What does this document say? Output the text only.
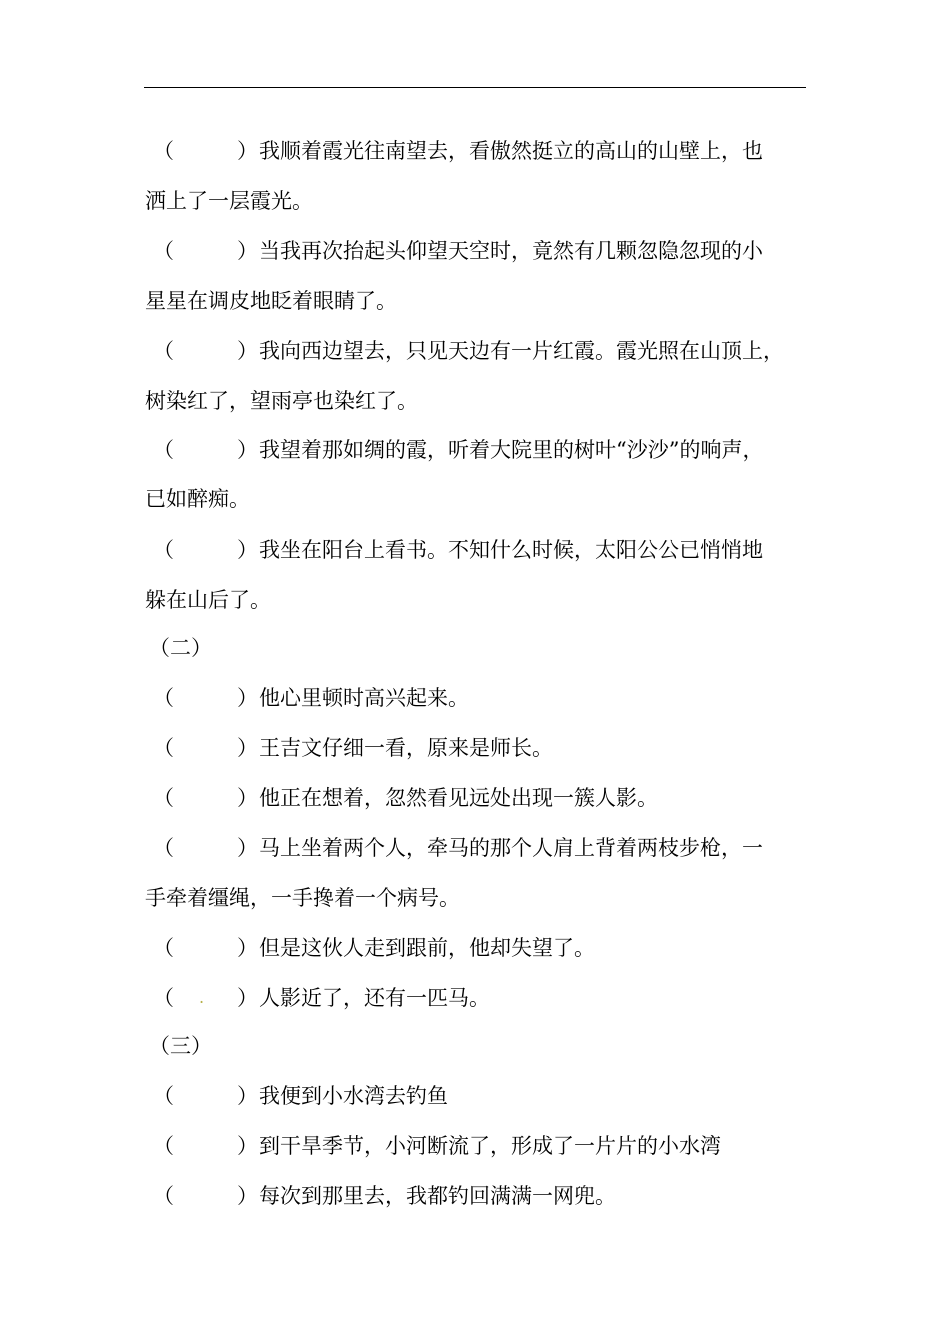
（	） 我顺着霞光往南望去，看傲然挺立的高山的山壁上，也
洒上了一层霞光。
（	） 当我再次抬起头仰望天空时，竟然有几颗忽隐忽现的小
星星在调皮地眨着眼睛了。
（	） 我向西边望去，只见天边有一片红霞。霞光照在山顶上，
树染红了，望雨亭也染红了。
（	） 我望着那如绸的霞，听着大院里的树叶“沙沙”的响声，
已如醉痴。
（	） 我坐在阳台上看书。不知什么时候，太阳公公已悄悄地
躲在山后了。
（二）
（	） 他心里顿时高兴起来。
（	） 王吉文仔细一看，原来是师长。
（	） 他正在想着，忽然看见远处出现一簇人影。
（	） 马上坐着两个人，牵马的那个人肩上背着两枝步枪，一
手牵着缰绳，一手搀着一个病号。
（	） 但是这伙人走到跟前，他却失望了。
（ . ） 人影近了，还有一匹马。
（三）
（	） 我便到小水湾去钓鱼
（	） 到干旱季节，小河断流了，形成了一片片的小水湾
（	） 每次到那里去，我都钓回满满一网兜。
